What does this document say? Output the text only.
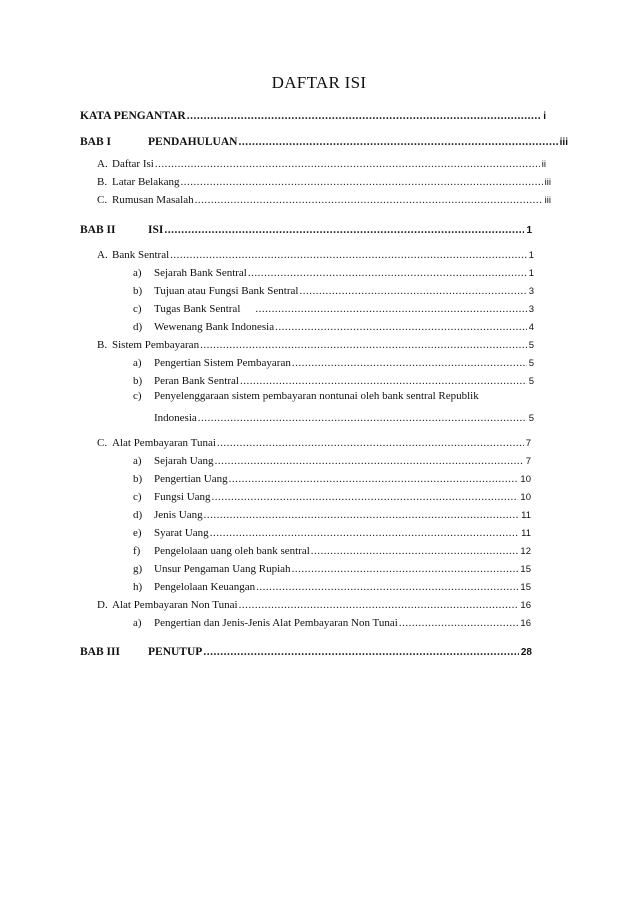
DAFTAR ISI
KATA PENGANTAR .....	i
BAB I	PENDAHULUAN .....	iii
A. Daftar Isi .....	ii
B. Latar Belakang .....	iii
C. Rumusan Masalah .....	iii
BAB II	ISI .....	1
A. Bank Sentral .....	1
a)	Sejarah Bank Sentral .....	1
b)	Tujuan atau Fungsi Bank Sentral .....	3
c)	Tugas Bank Sentral .....	3
d)	Wewenang Bank Indonesia .....	4
B. Sistem Pembayaran .....	5
a)	Pengertian Sistem Pembayaran .....	5
b)	Peran Bank Sentral .....	5
c) Penyelenggaraan sistem pembayaran nontunai oleh bank sentral Republik
Indonesia .....	5
C. Alat Pembayaran Tunai .....	7
a)	Sejarah Uang .....	7
b)	Pengertian Uang .....	10
c)	Fungsi Uang .....	10
d)	Jenis Uang .....	11
e)	Syarat Uang .....	11
f)	Pengelolaan uang oleh bank sentral .....	12
g)	Unsur Pengaman Uang Rupiah .....	15
h)	Pengelolaan Keuangan .....	15
D. Alat Pembayaran Non Tunai .....	16
a)	Pengertian dan Jenis-Jenis Alat Pembayaran Non Tunai .....	16
BAB III	PENUTUP .....	28
